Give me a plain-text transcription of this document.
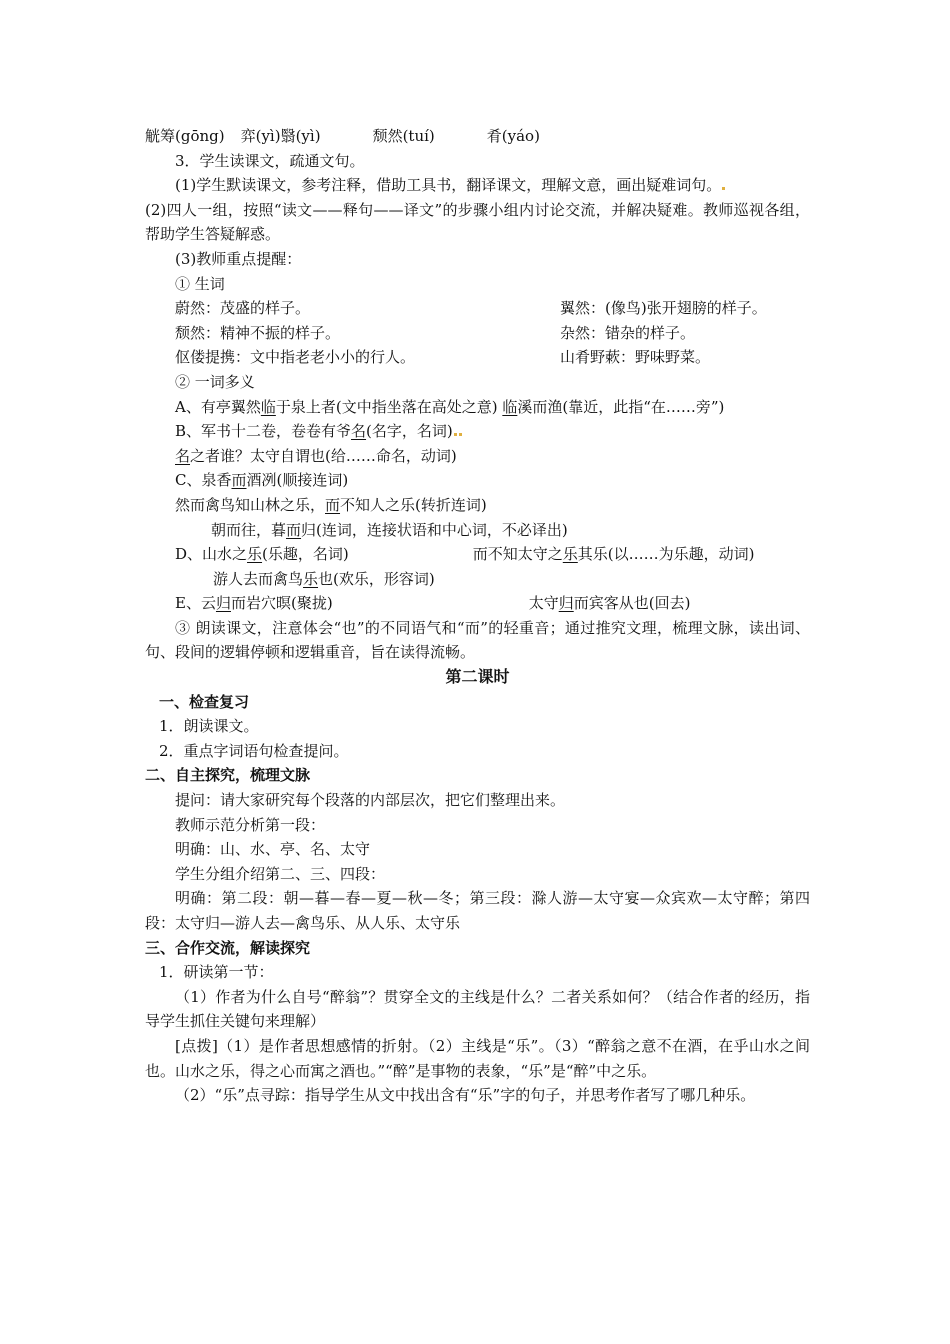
觥筹(gōng) 弈(yì)翳(yì)	颓然(tuí)	肴(yáo)
3．学生读课文，疏通文句。
(1)学生默读课文，参考注释，借助工具书，翻译课文，理解文意，画出疑难词句。
(2)四人一组，按照“读文——释句——译文”的步骤小组内讨论交流，并解决疑难。教师巡视各组，帮助学生答疑解惑。
(3)教师重点提醒：
① 生词
蔚然：茂盛的样子。	翼然：(像鸟)张开翅膀的样子。
颓然：精神不振的样子。	杂然：错杂的样子。
伛偻提携：文中指老老小小的行人。	山肴野蔌：野味野菜。
② 一词多义
A、有亭翼然临于泉上者(文中指坐落在高处之意) 临溪而渔(靠近，此指“在……旁”)
B、军书十二卷，卷卷有爷名(名字，名词)
名之者谁？太守自谓也(给……命名，动词)
C、泉香而酒冽(顺接连词)
然而禽鸟知山林之乐，而不知人之乐(转折连词)
朝而往，暮而归(连词，连接状语和中心词，不必译出)
D、山水之乐(乐趣，名词)	而不知太守之乐其乐(以……为乐趣，动词)
游人去而禽鸟乐也(欢乐，形容词)
E、云归而岩穴暝(聚拢)	太守归而宾客从也(回去)
③ 朗读课文，注意体会“也”的不同语气和“而”的轻重音；通过推究文理，梳理文脉，读出词、句、段间的逻辑停顿和逻辑重音，旨在读得流畅。
第二课时
一、检查复习
1．朗读课文。
2．重点字词语句检查提问。
二、自主探究，梳理文脉
提问：请大家研究每个段落的内部层次，把它们整理出来。
教师示范分析第一段：
明确：山、水、亭、名、太守
学生分组介绍第二、三、四段：
明确：第二段：朝—暮—春—夏—秋—冬；第三段：滁人游—太守宴—众宾欢—太守醉；第四段：太守归—游人去—禽鸟乐、从人乐、太守乐
三、合作交流，解读探究
1．研读第一节：
（1）作者为什么自号“醉翁”？贯穿全文的主线是什么？二者关系如何？（结合作者的经历，指导学生抓住关键句来理解）
[点拨]（1）是作者思想感情的折射。（2）主线是“乐”。（3）“醉翁之意不在酒，在乎山水之间也。山水之乐，得之心而寓之酒也。”“醉”是事物的表象，“乐”是“醉”中之乐。
（2）“乐”点寻踪：指导学生从文中找出含有“乐”字的句子，并思考作者写了哪几种乐。
